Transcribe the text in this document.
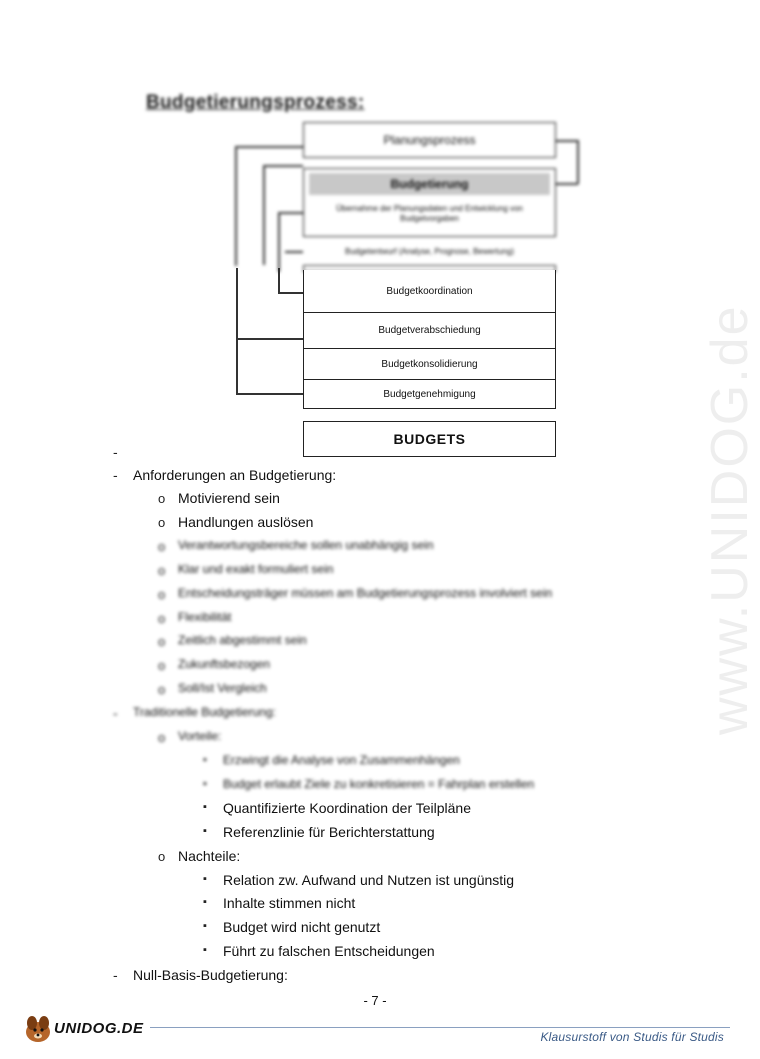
www.UNIDOG.de
Budgetierungsprozess:
Planungsprozess
Budgetierung
Übernahme der Planungsdaten und Entwicklung von Budgetvorgaben
Budgetentwurf (Analyse, Prognose, Bewertung)
Budgetkoordination
Budgetverabschiedung
Budgetkonsolidierung
Budgetgenehmigung
BUDGETS
-
- Anforderungen an Budgetierung:
o Motivierend sein
o Handlungen auslösen
o Verantwortungsbereiche sollen unabhängig sein
o Klar und exakt formuliert sein
o Entscheidungsträger müssen am Budgetierungsprozess involviert sein
o Flexibilität
o Zeitlich abgestimmt sein
o Zukunftsbezogen
o Soll/Ist Vergleich
- Traditionelle Budgetierung:
o Vorteile:
▪ Erzwingt die Analyse von Zusammenhängen
▪ Budget erlaubt Ziele zu konkretisieren = Fahrplan erstellen
▪ Quantifizierte Koordination der Teilpläne
▪ Referenzlinie für Berichterstattung
o Nachteile:
▪ Relation zw. Aufwand und Nutzen ist ungünstig
▪ Inhalte stimmen nicht
▪ Budget wird nicht genutzt
▪ Führt zu falschen Entscheidungen
- Null-Basis-Budgetierung:
- 7 -
UNIDOG.DE	Klausurstoff von Studis für Studis
